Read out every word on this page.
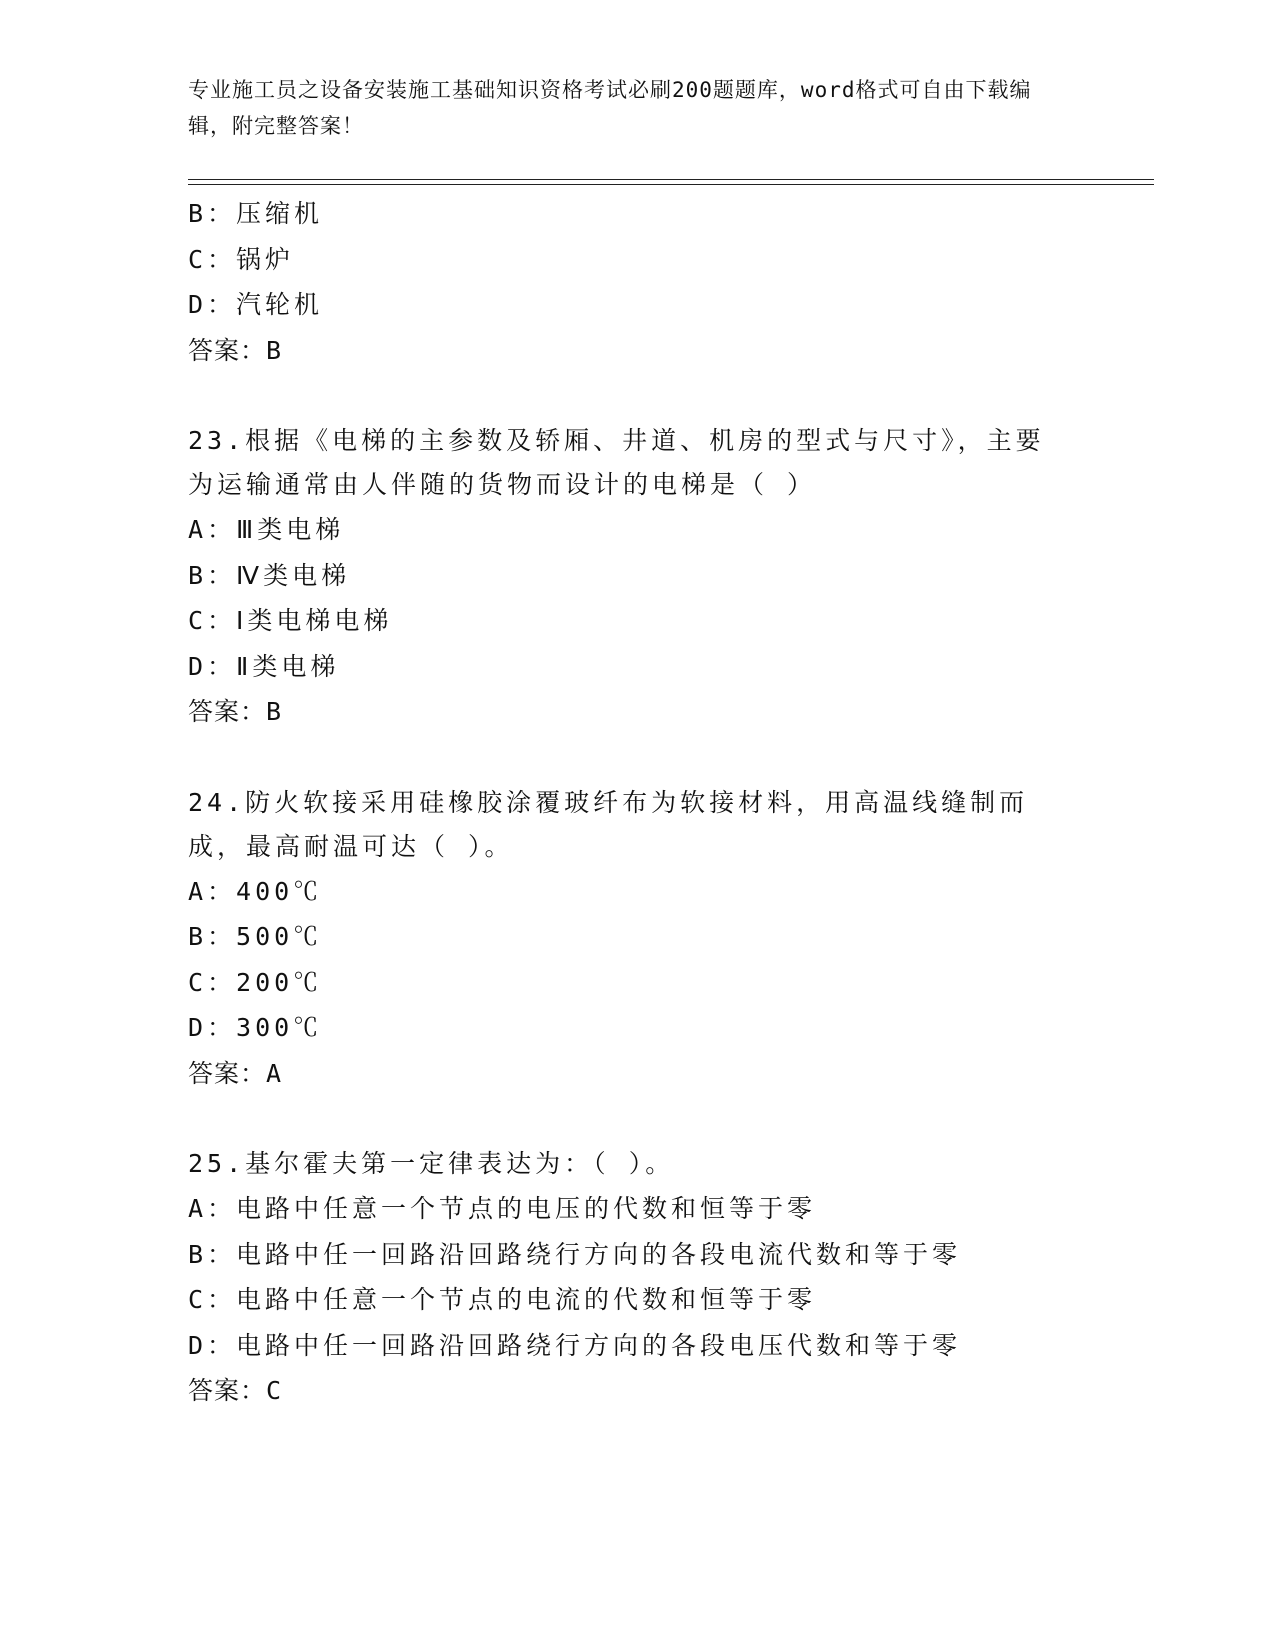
专业施工员之设备安装施工基础知识资格考试必刷200题题库，word格式可自由下载编辑，附完整答案！
B：压缩机
C：锅炉
D：汽轮机
答案：B
23.根据《电梯的主参数及轿厢、井道、机房的型式与尺寸》，主要为运输通常由人伴随的货物而设计的电梯是（ ）
A：Ⅲ类电梯
B：Ⅳ类电梯
C：Ⅰ类电梯电梯
D：Ⅱ类电梯
答案：B
24.防火软接采用硅橡胶涂覆玻纤布为软接材料，用高温线缝制而成，最高耐温可达（ ）。
A：400℃
B：500℃
C：200℃
D：300℃
答案：A
25.基尔霍夫第一定律表达为：（ ）。
A：电路中任意一个节点的电压的代数和恒等于零
B：电路中任一回路沿回路绕行方向的各段电流代数和等于零
C：电路中任意一个节点的电流的代数和恒等于零
D：电路中任一回路沿回路绕行方向的各段电压代数和等于零
答案：C
